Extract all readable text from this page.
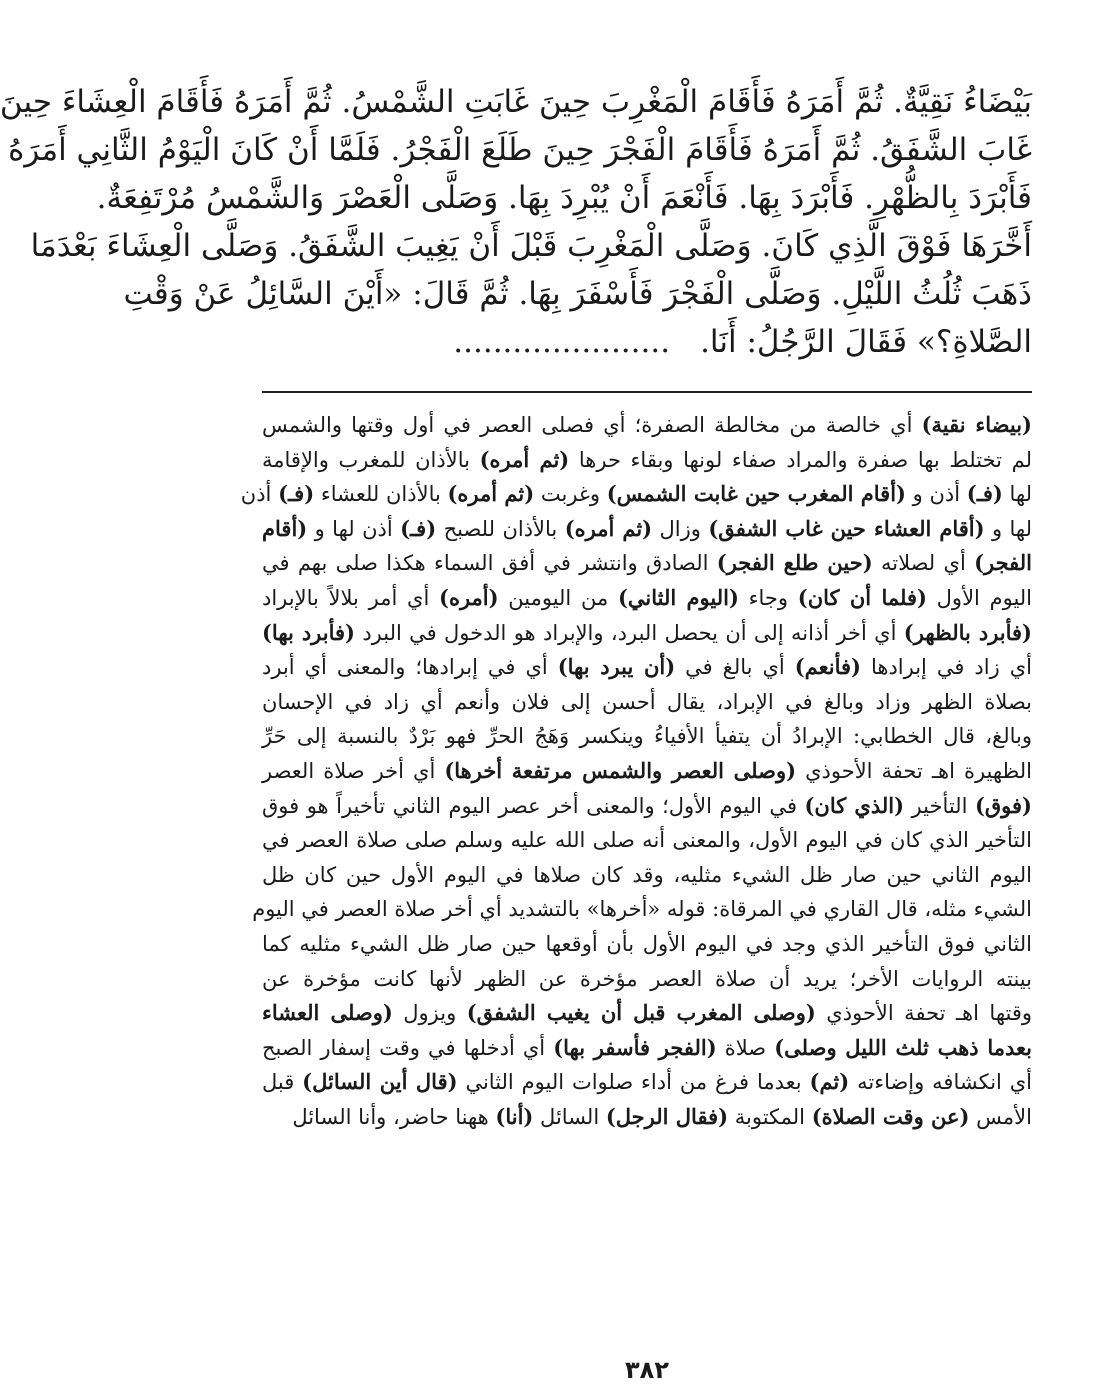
بَيْضَاءُ نَقِيَّةٌ. ثُمَّ أَمَرَهُ فَأَقَامَ الْمَغْرِبَ حِينَ غَابَتِ الشَّمْسُ. ثُمَّ أَمَرَهُ فَأَقَامَ الْعِشَاءَ حِينَ
غَابَ الشَّفَقُ. ثُمَّ أَمَرَهُ فَأَقَامَ الْفَجْرَ حِينَ طَلَعَ الْفَجْرُ. فَلَمَّا أَنْ كَانَ الْيَوْمُ الثَّانِي أَمَرَهُ
فَأَبْرَدَ بِالظُّهْرِ. فَأَبْرَدَ بِهَا. فَأَنْعَمَ أَنْ يُبْرِدَ بِهَا. وَصَلَّى الْعَصْرَ وَالشَّمْسُ مُرْتَفِعَةٌ.
أَخَّرَهَا فَوْقَ الَّذِي كَانَ. وَصَلَّى الْمَغْرِبَ قَبْلَ أَنْ يَغِيبَ الشَّفَقُ. وَصَلَّى الْعِشَاءَ بَعْدَمَا
ذَهَبَ ثُلُثُ اللَّيْلِ. وَصَلَّى الْفَجْرَ فَأَسْفَرَ بِهَا. ثُمَّ قَالَ: «أَيْنَ السَّائِلُ عَنْ وَقْتِ
الصَّلاةِ؟» فَقَالَ الرَّجُلُ: أَنَا.......................
(بيضاء نقية) أي خالصة من مخالطة الصفرة؛ أي فصلى العصر في أول وقتها والشمس
لم تختلط بها صفرة والمراد صفاء لونها وبقاء حرها (ثم أمره) بالأذان للمغرب والإقامة
لها (فـ) أذن و (أقام المغرب حين غابت الشمس) وغربت (ثم أمره) بالأذان للعشاء (فـ) أذن
لها و (أقام العشاء حين غاب الشفق) وزال (ثم أمره) بالأذان للصبح (فـ) أذن لها و (أقام
الفجر) أي لصلاته (حين طلع الفجر) الصادق وانتشر في أفق السماء هكذا صلى بهم في
اليوم الأول (فلما أن كان) وجاء (اليوم الثاني) من اليومين (أمره) أي أمر بلالاً بالإبراد
(فأبرد بالظهر) أي أخر أذانه إلى أن يحصل البرد، والإبراد هو الدخول في البرد (فأبرد بها)
أي زاد في إبرادها (فأنعم) أي بالغ في (أن يبرد بها) أي في إبرادها؛ والمعنى أي أبرد
بصلاة الظهر وزاد وبالغ في الإبراد، يقال أحسن إلى فلان وأنعم أي زاد في الإحسان
وبالغ، قال الخطابي: الإبرادُ أن يتفيأ الأفياءُ وينكسر وَهَجُ الحرِّ فهو بَرْدٌ بالنسبة إلى حَرِّ
الظهيرة اهـ تحفة الأحوذي (وصلى العصر والشمس مرتفعة أخرها) أي أخر صلاة العصر
(فوق) التأخير (الذي كان) في اليوم الأول؛ والمعنى أخر عصر اليوم الثاني تأخيراً هو فوق
التأخير الذي كان في اليوم الأول، والمعنى أنه صلى الله عليه وسلم صلى صلاة العصر في
اليوم الثاني حين صار ظل الشيء مثليه، وقد كان صلاها في اليوم الأول حين كان ظل
الشيء مثله، قال القاري في المرقاة: قوله «أخرها» بالتشديد أي أخر صلاة العصر في اليوم
الثاني فوق التأخير الذي وجد في اليوم الأول بأن أوقعها حين صار ظل الشيء مثليه كما
بينته الروايات الأخر؛ يريد أن صلاة العصر مؤخرة عن الظهر لأنها كانت مؤخرة عن
وقتها اهـ تحفة الأحوذي (وصلى المغرب قبل أن يغيب الشفق) ويزول (وصلى العشاء
بعدما ذهب ثلث الليل وصلى) صلاة (الفجر فأسفر بها) أي أدخلها في وقت إسفار الصبح
أي انكشافه وإضاءته (ثم) بعدما فرغ من أداء صلوات اليوم الثاني (قال أين السائل) قبل
الأمس (عن وقت الصلاة) المكتوبة (فقال الرجل) السائل (أنا) ههنا حاضر، وأنا السائل
٣٨٢
